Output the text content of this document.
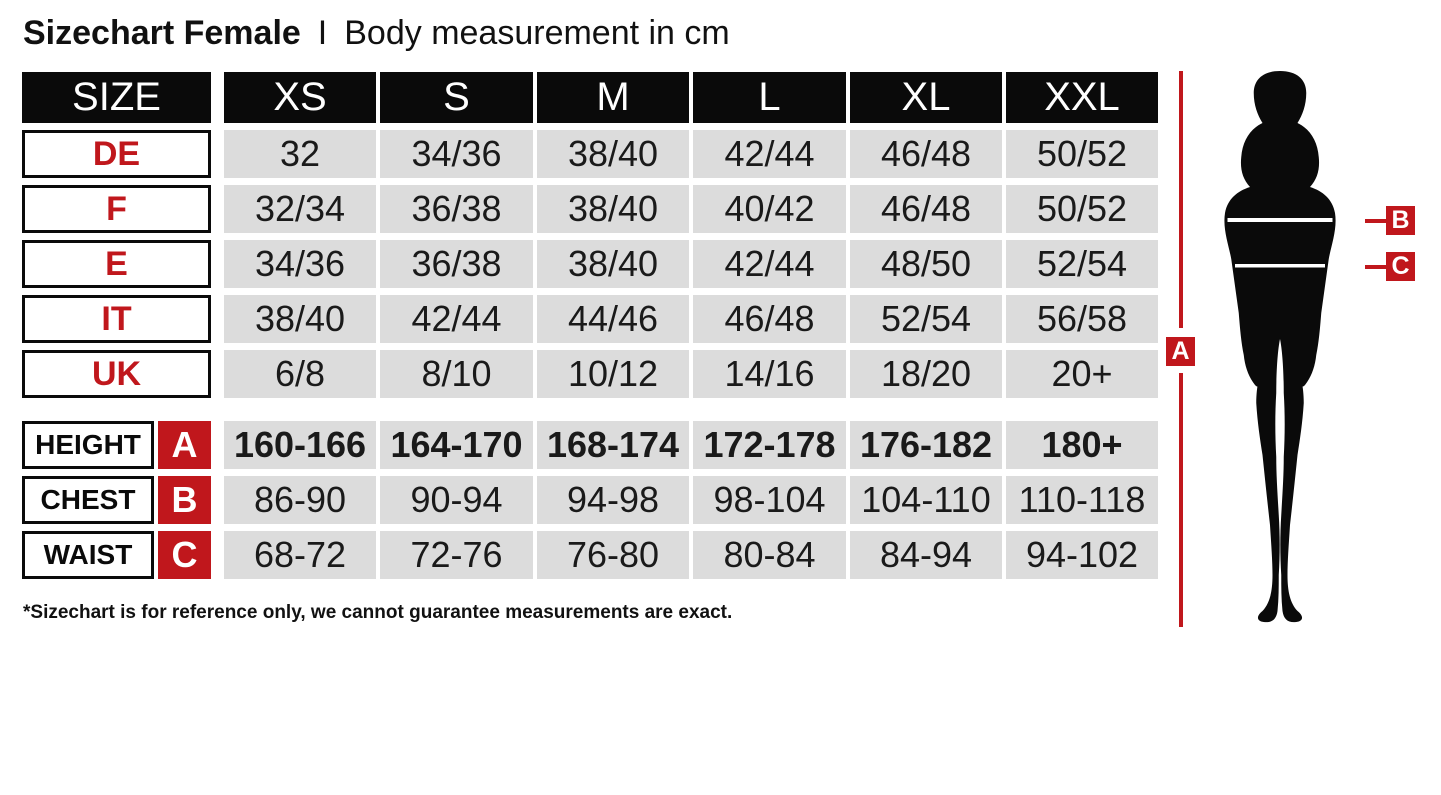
Sizechart Female I Body measurement in cm
SIZE	XS	S	M	L	XL	XXL
DE	32	34/36	38/40	42/44	46/48	50/52
F	32/34	36/38	38/40	40/42	46/48	50/52
E	34/36	36/38	38/40	42/44	48/50	52/54
IT	38/40	42/44	44/46	46/48	52/54	56/58
UK	6/8	8/10	10/12	14/16	18/20	20+
HEIGHT A	160-166 164-170 168-174 172-178 176-182	180+
CHEST	B	86-90	90-94	94-98	98-104 104-110 110-118
WAIST	C	68-72	72-76	76-80	80-84	84-94	94-102
*Sizechart is for reference only, we cannot guarantee measurements are exact.
A
B
C
